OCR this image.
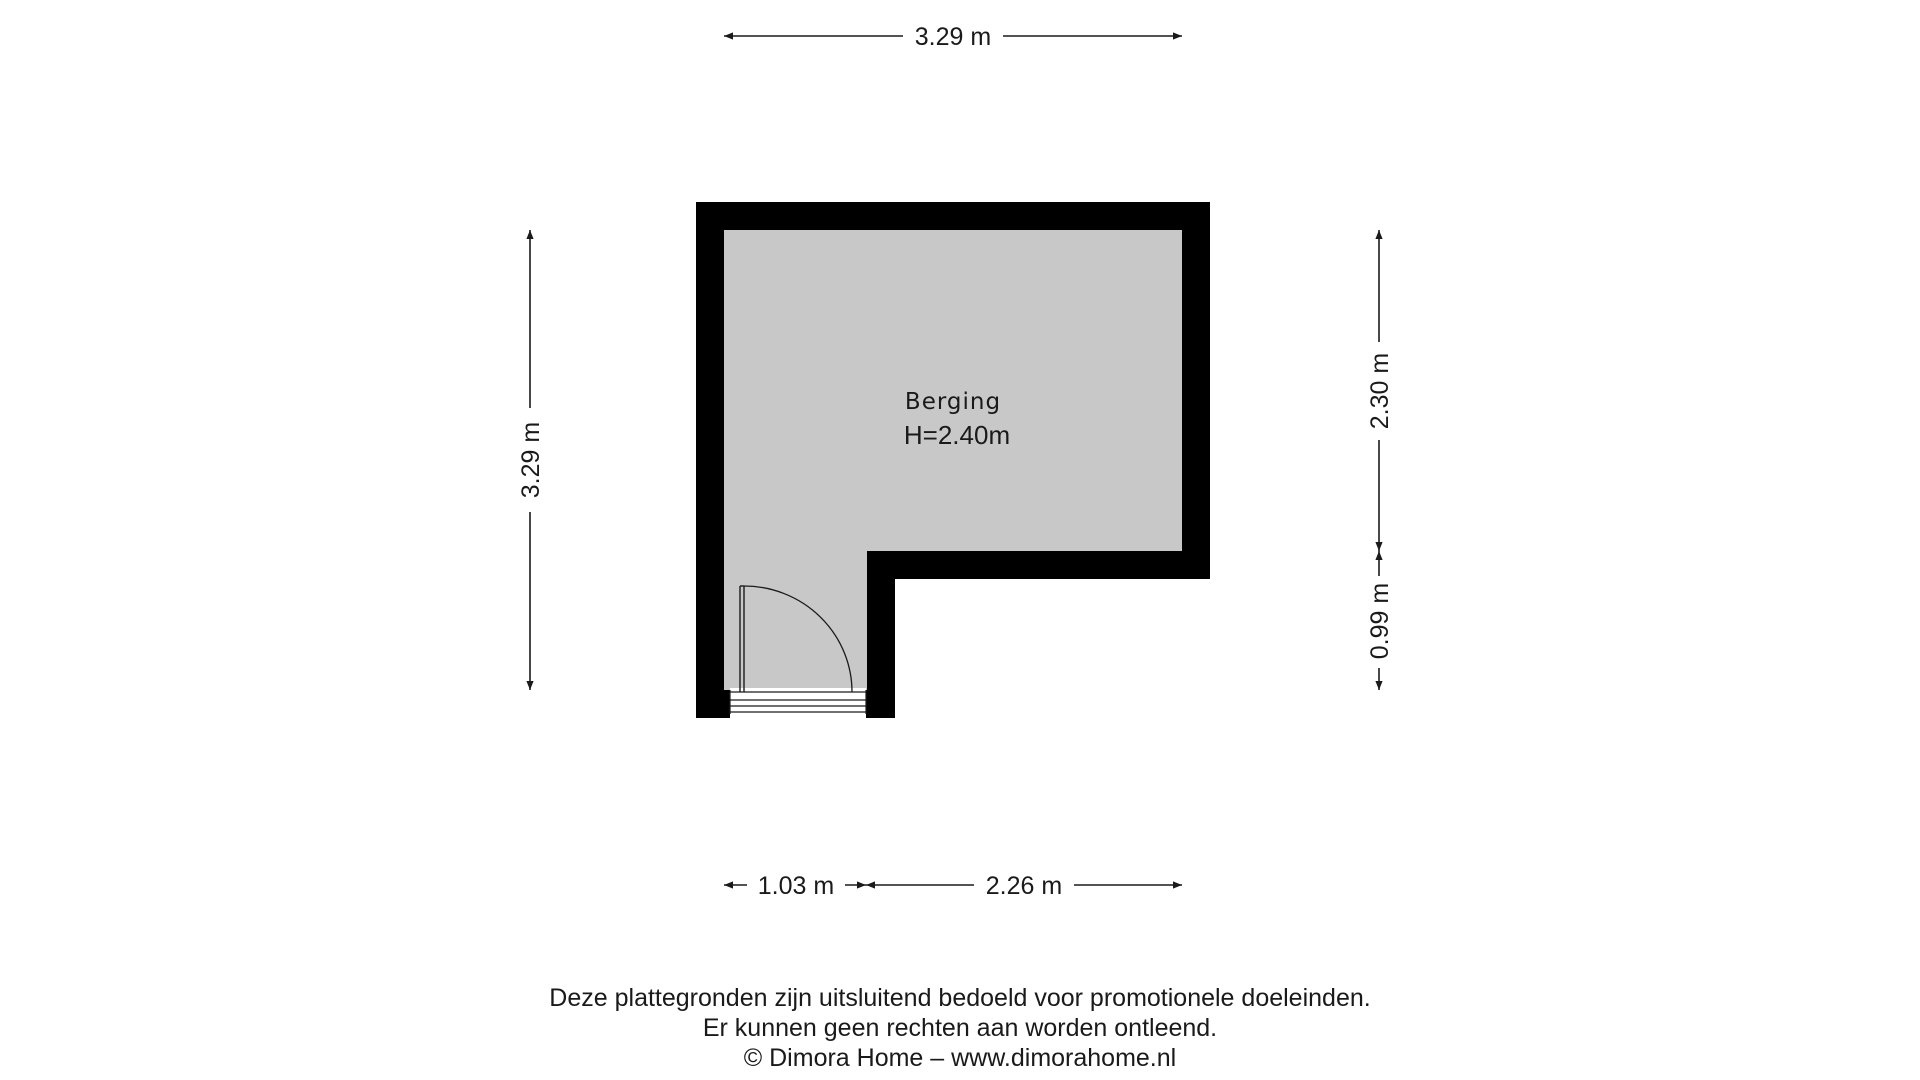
Berging
H=2.40m
3.29 m
3.29 m
2.30 m
0.99 m
1.03 m	2.26 m
Deze plattegronden zijn uitsluitend bedoeld voor promotionele doeleinden.
Er kunnen geen rechten aan worden ontleend.
© Dimora Home – www.dimorahome.nl
